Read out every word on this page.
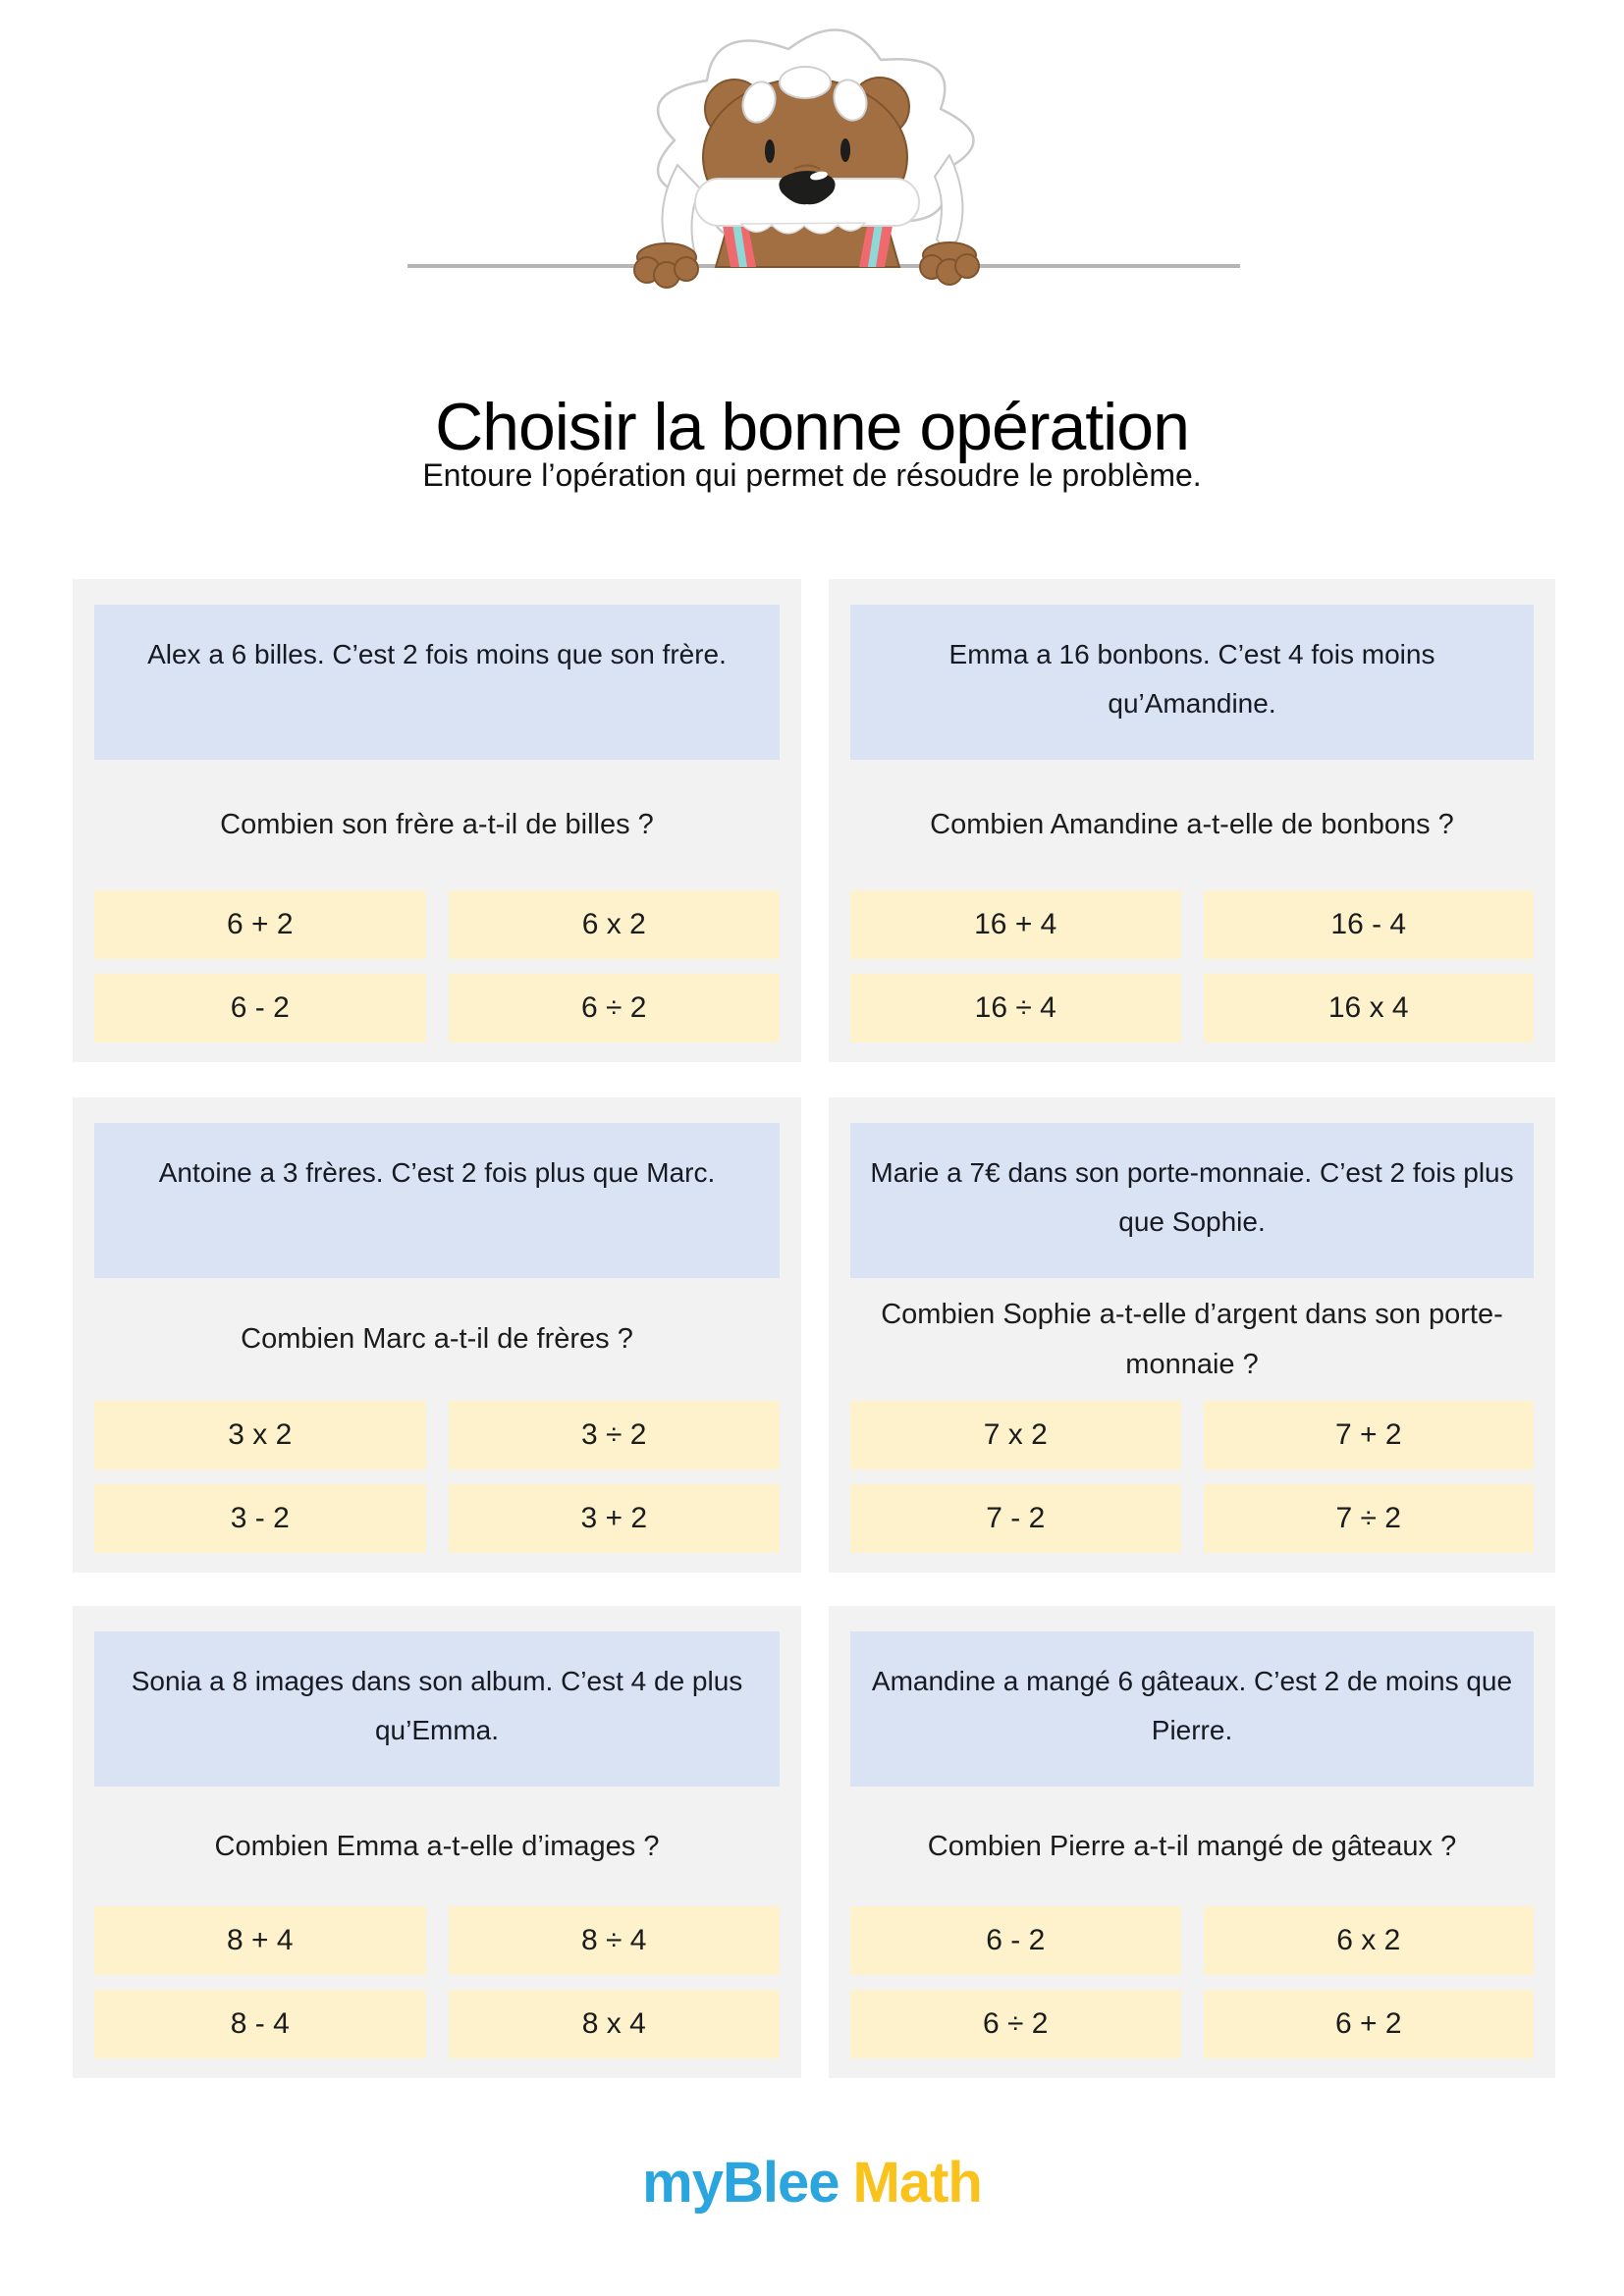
Choisir la bonne opération
Entoure l’opération qui permet de résoudre le problème.
Alex a 6 billes. C’est 2 fois moins que son frère.
Combien son frère a-t-il de billes ?
6 + 2	6 x 2
6 - 2	6 ÷ 2
Emma a 16 bonbons. C’est 4 fois moins qu’Amandine.
Combien Amandine a-t-elle de bonbons ?
16 + 4	16 - 4
16 ÷ 4	16 x 4
Antoine a 3 frères. C’est 2 fois plus que Marc.
Combien Marc a-t-il de frères ?
3 x 2	3 ÷ 2
3 - 2	3 + 2
Marie a 7€ dans son porte-monnaie. C’est 2 fois plus que Sophie.
Combien Sophie a-t-elle d’argent dans son porte-monnaie ?
7 x 2	7 + 2
7 - 2	7 ÷ 2
Sonia a 8 images dans son album. C’est 4 de plus qu’Emma.
Combien Emma a-t-elle d’images ?
8 + 4	8 ÷ 4
8 - 4	8 x 4
Amandine a mangé 6 gâteaux. C’est 2 de moins que Pierre.
Combien Pierre a-t-il mangé de gâteaux ?
6 - 2	6 x 2
6 ÷ 2	6 + 2
myBlee Math
